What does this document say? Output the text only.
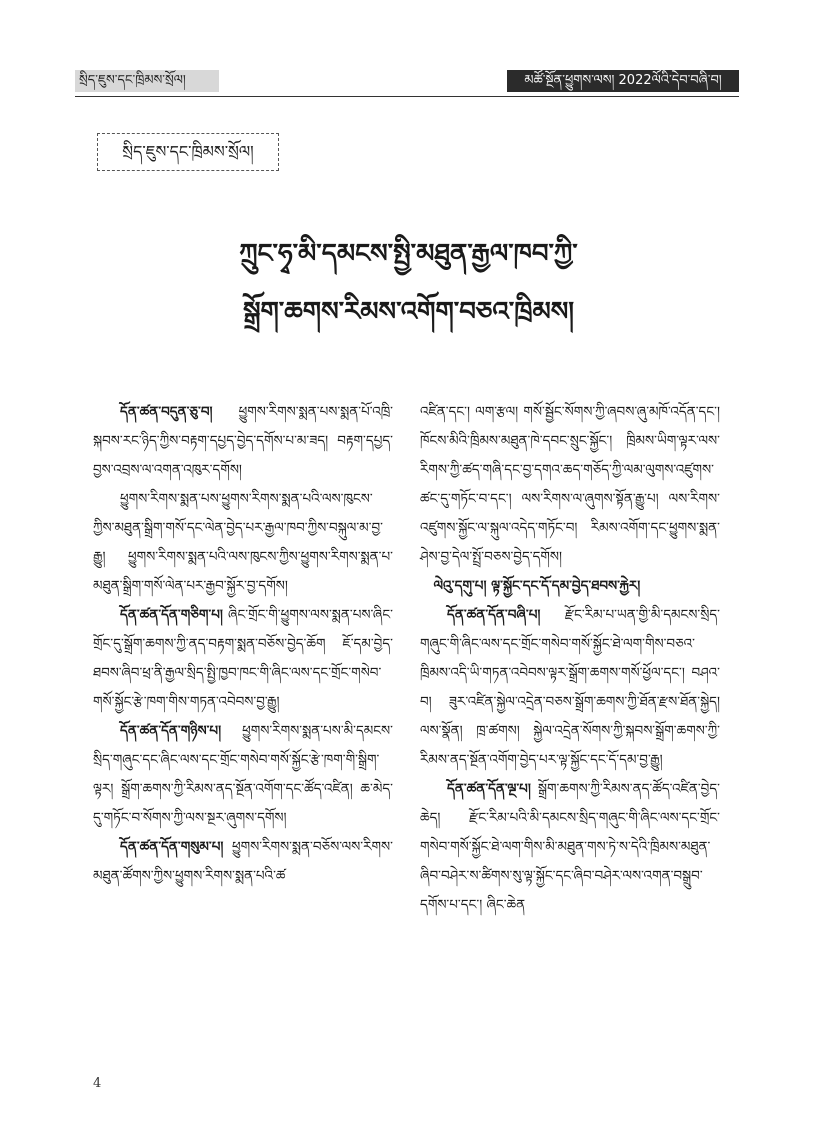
སྲིད་ཇུས་དང་ཁྲིམས་སྲོལ།	མཚོ་སྔོན་ཕྱུགས་ལས། 2022ལོའི་དེབ་བཞི་བ།
སྲིད་ཇུས་དང་ཁྲིམས་སྲོལ།
ཀྲུང་ཧྭ་མི་དམངས་སྤྱི་མཐུན་རྒྱལ་ཁབ་ཀྱི་
སྒྲོག་ཆགས་རིམས་འགོག་བཅའ་ཁྲིམས།

དོན་ཚན་བདུན་ཅུ་བ། ཕྱུགས་རིགས་སྨན་པས་སྨན་པོ་འཁྲི་སྐབས་རང་ཉིད་ཀྱིས་བརྟག་དཔྱད་བྱེད་དགོས་པ་མ་ཟད། བརྟག་དཔྱད་བྱས་འབྲས་ལ་འགན་འཁུར་དགོས།

ཕྱུགས་རིགས་སྨན་པས་ཕྱུགས་རིགས་སྨན་པའི་ལས་ཁུངས་ཀྱིས་མཐུན་སྒྲིག་གསོ་དང་ལེན་བྱེད་པར་རྒྱལ་ཁབ་ཀྱིས་བསྐུལ་མ་བྱ་རྒྱུ། ཕྱུགས་རིགས་སྨན་པའི་ལས་ཁུངས་ཀྱིས་ཕྱུགས་རིགས་སྨན་པ་མཐུན་སྒྲིག་གསོ་ལེན་པར་རྒྱབ་སྐྱོར་བྱ་དགོས།

དོན་ཚན་དོན་གཅིག་པ། ཞིང་གྲོང་གི་ཕྱུགས་ལས་སྨན་པས་ཞིང་གྲོང་དུ་སྒྲོག་ཆགས་ཀྱི་ནད་བརྟག་སྨན་བཅོས་བྱེད་ཆོག ཇོ་དམ་བྱེད་ཐབས་ཞིབ་ཕྲ་ནི་རྒྱལ་སྲིད་སྤྱི་ཁྱབ་ཁང་གི་ཞིང་ལས་དང་གྲོང་གསེབ་གསོ་སྐྱོང་རྩེ་ཁག་གིས་གཏན་འབེབས་བྱ་རྒྱུ།

དོན་ཚན་དོན་གཉིས་པ། ཕྱུགས་རིགས་སྨན་པས་མི་དམངས་སྲིད་གཞུང་དང་ཞིང་ལས་དང་གྲོང་གསེབ་གསོ་སྐྱོང་རྩེ་ཁག་གི་སྒྲིག་ལྟར། སྒྲོག་ཆགས་ཀྱི་རིམས་ནད་སྔོན་འགོག་དང་ཚོད་འཛིན། ཆ་མེད་དུ་གཏོང་བ་སོགས་ཀྱི་ལས་སྔར་ཞུགས་དགོས།

དོན་ཚན་དོན་གསུམ་པ། ཕྱུགས་རིགས་སྨན་བཅོས་ལས་རིགས་མཐུན་ཚོགས་ཀྱིས་ཕྱུགས་རིགས་སྨན་པའི་ཚ

འཛིན་དང་། ལག་རྩལ། གསོ་སྦྱོང་སོགས་ཀྱི་ཞབས་ཞུ་མཁོ་འདོན་དང་། ཁོངས་མིའི་ཁྲིམས་མཐུན་ཁེ་དབང་སྲུང་སྐྱོང་། ཁྲིམས་ཡིག་ལྟར་ལས་རིགས་ཀྱི་ཚད་གཞི་དང་བྱ་དགའ་ཆད་གཅོད་ཀྱི་ལམ་ལུགས་འཛུགས་ཚང་དུ་གཏོང་བ་དང་། ལས་རིགས་ལ་ཞུགས་སྟོན་རྒྱུ་པ། ལས་རིགས་འཛུགས་སྐྱོང་ལ་སྐུལ་འདེད་གཏོང་བ། རིམས་འགོག་དང་ཕྱུགས་སྨན་ཤེས་བྱ་དེལ་སྤྲོ་བཅས་བྱེད་དགོས།

ལེའུ་དགུ་པ། ལྟ་སྐྱོང་དང་དོ་དམ་བྱེད་ཐབས་རྐྱེར།

དོན་ཚན་དོན་བཞི་པ། རྫོང་རིམ་པ་ཡན་གྱི་མི་དམངས་སྲིད་གཞུང་གི་ཞིང་ལས་དང་གྲོང་གསེབ་གསོ་སྐྱོང་ཐེ་ལག་གིས་བཅའ་ཁྲིམས་འདི་ཡི་གཏན་འབེབས་ལྟར་སྒྲོག་ཆགས་གསོ་ཕྱོལ་དང་། བཤའ་བ། ཟུར་འཛིན་སྐྱེལ་འདྲེན་བཅས་སྒྲོག་ཆགས་ཀྱི་ཐོན་རྫས་ཐོན་སྐྱེད། ལས་སྣོན། ཁྲ་ཚགས། སྐྱེལ་འདྲེན་སོགས་ཀྱི་སྐབས་སྒྲོག་ཆགས་ཀྱི་རིམས་ནད་སྔོན་འགོག་བྱེད་པར་ལྟ་སྐྱོང་དང་དོ་དམ་བྱ་རྒྱུ།

དོན་ཚན་དོན་ལྔ་པ། སྒྲོག་ཆགས་ཀྱི་རིམས་ནད་ཚོད་འཛིན་བྱེད་ཆེད། རྫོང་རིམ་པའི་མི་དམངས་སྲིད་གཞུང་གི་ཞིང་ལས་དང་གྲོང་གསེབ་གསོ་སྐྱོང་ཐེ་ལག་གིས་མི་མཐུན་གས་ཏེ་ས་དེའི་ཁྲིམས་མཐུན་ཞིབ་བཤེར་ས་ཚིགས་སུ་ལྟ་སྐྱོང་དང་ཞིབ་བཤེར་ལས་འགན་བསྒྲུབ་དགོས་པ་དང་། ཞིང་ཆེན

4
